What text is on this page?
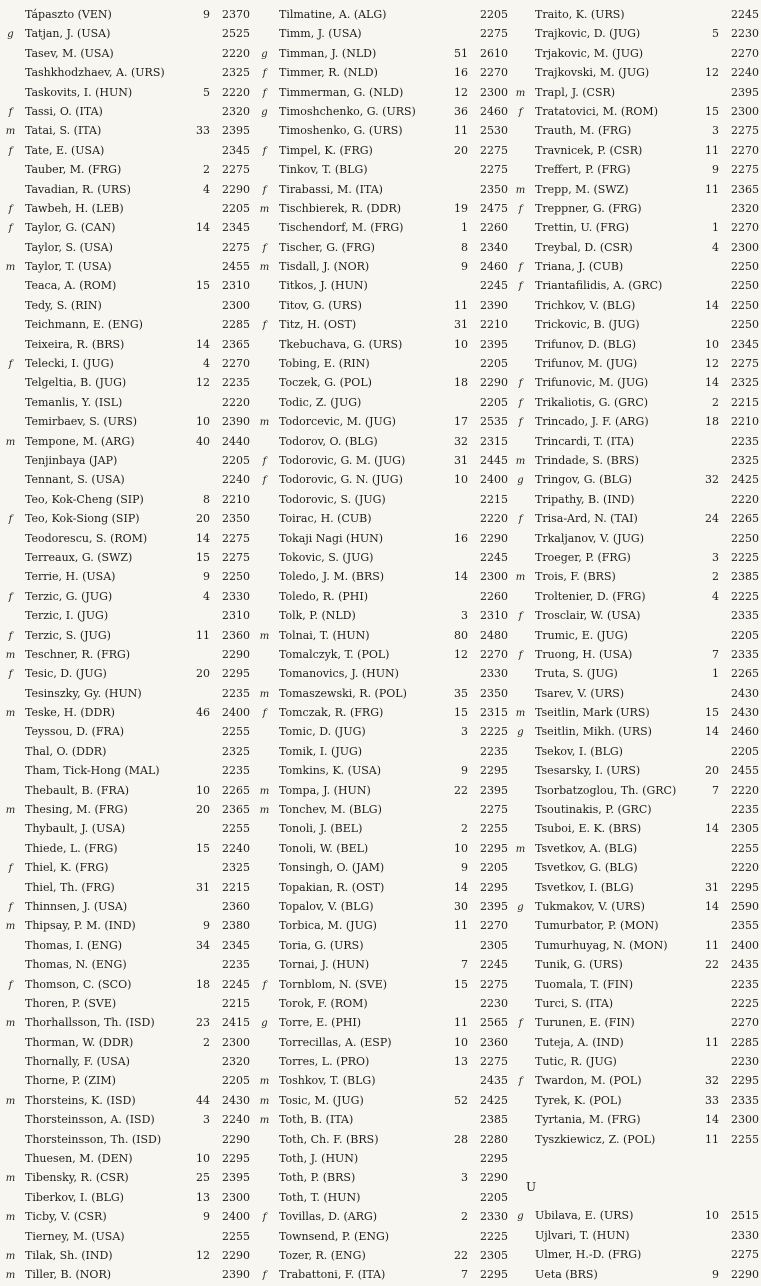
Tápaszto (VEN)	9	2370
g	Tatjan, J. (USA)	2525
Tasev, M. (USA)	2220
Tashkhodzhaev, A. (URS)	2325
Taskovits, I. (HUN)	5	2220
f	Tassi, O. (ITA)	2320
m Tatai, S. (ITA)	33	2395
f	Tate, E. (USA)	2345
Tauber, M. (FRG)	2	2275
Tavadian, R. (URS)	4	2290
f	Tawbeh, H. (LEB)	2205
f	Taylor, G. (CAN)	14	2345
Taylor, S. (USA)	2275
m Taylor, T. (USA)	2455
Teaca, A. (ROM)	15	2310
Tedy, S. (RIN)	2300
Teichmann, E. (ENG)	2285
Teixeira, R. (BRS)	14	2365
f	Telecki, I. (JUG)	4	2270
Telgeltia, B. (JUG)	12	2235
Temanlis, Y. (ISL)	2220
Temirbaev, S. (URS)	10	2390
m Tempone, M. (ARG)	40	2440
Tenjinbaya (JAP)	2205
Tennant, S. (USA)	2240
Teo, Kok-Cheng (SIP)	8	2210
f	Teo, Kok-Siong (SIP)	20	2350
Teodorescu, S. (ROM)	14	2275
Terreaux, G. (SWZ)	15	2275
Terrie, H. (USA)	9	2250
f	Terzic, G. (JUG)	4	2330
Terzic, I. (JUG)	2310
f	Terzic, S. (JUG)	11	2360
m Teschner, R. (FRG)	2290
f	Tesic, D. (JUG)	20	2295
Tesinszky, Gy. (HUN)	2235
m Teske, H. (DDR)	46	2400
Teyssou, D. (FRA)	2255
Thal, O. (DDR)	2325
Tham, Tick-Hong (MAL)	2235
Thebault, B. (FRA)	10	2265
m Thesing, M. (FRG)	20	2365
Thybault, J. (USA)	2255
Thiede, L. (FRG)	15	2240
f	Thiel, K. (FRG)	2325
Thiel, Th. (FRG)	31	2215
f	Thinnsen, J. (USA)	2360
m Thipsay, P. M. (IND)	9	2380
Thomas, I. (ENG)	34	2345
Thomas, N. (ENG)	2235
f	Thomson, C. (SCO)	18	2245
Thoren, P. (SVE)	2215
m Thorhallsson, Th. (ISD)	23	2415
Thorman, W. (DDR)	2	2300
Thornally, F. (USA)	2320
Thorne, P. (ZIM)	2205
m Thorsteins, K. (ISD)	44	2430
Thorsteinsson, A. (ISD)	3	2240
Thorsteinsson, Th. (ISD)	2290
Thuesen, M. (DEN)	10	2295
m Tibensky, R. (CSR)	25	2395
Tiberkov, I. (BLG)	13	2300
m Ticby, V. (CSR)	9	2400
Tierney, M. (USA)	2255
m Tilak, Sh. (IND)	12	2290
m Tiller, B. (NOR)	2390
Tilmatine, A. (ALG)	2205
Timm, J. (USA)	2275
g	Timman, J. (NLD)	51	2610
f	Timmer, R. (NLD)	16	2270
f	Timmerman, G. (NLD)	12	2300
g	Timoshchenko, G. (URS)	36	2460
Timoshenko, G. (URS)	11	2530
f	Timpel, K. (FRG)	20	2275
Tinkov, T. (BLG)	2275
f	Tirabassi, M. (ITA)	2350
m Tischbierek, R. (DDR)	19	2475
Tischendorf, M. (FRG)	1	2260
f	Tischer, G. (FRG)	8	2340
m Tisdall, J. (NOR)	9	2460
Titkos, J. (HUN)	2245
Titov, G. (URS)	11	2390
f	Titz, H. (OST)	31	2210
Tkebuchava, G. (URS)	10	2395
Tobing, E. (RIN)	2205
Toczek, G. (POL)	18	2290
Todic, Z. (JUG)	2205
m Todorcevic, M. (JUG)	17	2535
Todorov, O. (BLG)	32	2315
f	Todorovic, G. M. (JUG)	31	2445
f	Todorovic, G. N. (JUG)	10	2400
Todorovic, S. (JUG)	2215
Toirac, H. (CUB)	2220
Tokaji Nagi (HUN)	16	2290
Tokovic, S. (JUG)	2245
Toledo, J. M. (BRS)	14	2300
Toledo, R. (PHI)	2260
Tolk, P. (NLD)	3	2310
m Tolnai, T. (HUN)	80	2480
Tomalczyk, T. (POL)	12	2270
Tomanovics, J. (HUN)	2330
m Tomaszewski, R. (POL)	35	2350
f	Tomczak, R. (FRG)	15	2315
Tomic, D. (JUG)	3	2225
Tomik, I. (JUG)	2235
Tomkins, K. (USA)	9	2295
m Tompa, J. (HUN)	22	2395
m Tonchev, M. (BLG)	2275
Tonoli, J. (BEL)	2	2255
Tonoli, W. (BEL)	10	2295
Tonsingh, O. (JAM)	9	2205
Topakian, R. (OST)	14	2295
Topalov, V. (BLG)	30	2395
Torbica, M. (JUG)	11	2270
Toria, G. (URS)	2305
Tornai, J. (HUN)	7	2245
f	Tornblom, N. (SVE)	15	2275
Torok, F. (ROM)	2230
g	Torre, E. (PHI)	11	2565
Torrecillas, A. (ESP)	10	2360
Torres, L. (PRO)	13	2275
m Toshkov, T. (BLG)	2435
m Tosic, M. (JUG)	52	2425
m Toth, B. (ITA)	2385
Toth, Ch. F. (BRS)	28	2280
Toth, J. (HUN)	2295
Toth, P. (BRS)	3	2290
Toth, T. (HUN)	2205
f	Tovillas, D. (ARG)	2	2330
Townsend, P. (ENG)	2225
Tozer, R. (ENG)	22	2305
f	Trabattoni, F. (ITA)	7	2295
Traito, K. (URS)	2245
Trajkovic, D. (JUG)	5	2230
Trjakovic, M. (JUG)	2270
Trajkovski, M. (JUG)	12	2240
m Trapl, J. (CSR)	2395
f	Tratatovici, M. (ROM)	15	2300
Trauth, M. (FRG)	3	2275
Travnicek, P. (CSR)	11	2270
Treffert, P. (FRG)	9	2275
m Trepp, M. (SWZ)	11	2365
f	Treppner, G. (FRG)	2320
Trettin, U. (FRG)	1	2270
Treybal, D. (CSR)	4	2300
f	Triana, J. (CUB)	2250
f	Triantafilidis, A. (GRC)	2250
Trichkov, V. (BLG)	14	2250
Trickovic, B. (JUG)	2250
Trifunov, D. (BLG)	10	2345
Trifunov, M. (JUG)	12	2275
f	Trifunovic, M. (JUG)	14	2325
f	Trikaliotis, G. (GRC)	2	2215
f	Trincado, J. F. (ARG)	18	2210
Trincardi, T. (ITA)	2235
m Trindade, S. (BRS)	2325
g	Tringov, G. (BLG)	32	2425
Tripathy, B. (IND)	2220
f	Trisa-Ard, N. (TAI)	24	2265
Trkaljanov, V. (JUG)	2250
Troeger, P. (FRG)	3	2225
m Trois, F. (BRS)	2	2385
Troltenier, D. (FRG)	4	2225
f	Trosclair, W. (USA)	2335
Trumic, E. (JUG)	2205
f	Truong, H. (USA)	7	2335
Truta, S. (JUG)	1	2265
Tsarev, V. (URS)	2430
m Tseitlin, Mark (URS)	15	2430
g	Tseitlin, Mikh. (URS)	14	2460
Tsekov, I. (BLG)	2205
Tsesarsky, I. (URS)	20	2455
Tsorbatzoglou, Th. (GRC)	7	2220
Tsoutinakis, P. (GRC)	2235
Tsuboi, E. K. (BRS)	14	2305
m Tsvetkov, A. (BLG)	2255
Tsvetkov, G. (BLG)	2220
Tsvetkov, I. (BLG)	31	2295
g	Tukmakov, V. (URS)	14	2590
Tumurbator, P. (MON)	2355
Tumurhuyag, N. (MON)	11	2400
Tunik, G. (URS)	22	2435
Tuomala, T. (FIN)	2235
Turci, S. (ITA)	2225
f	Turunen, E. (FIN)	2270
Tuteja, A. (IND)	11	2285
Tutic, R. (JUG)	2230
f	Twardon, M. (POL)	32	2295
Tyrek, K. (POL)	33	2335
Tyrtania, M. (FRG)	14	2300
Tyszkiewicz, Z. (POL)	11	2255
U
g	Ubilava, E. (URS)	10	2515
Ujlvari, T. (HUN)	2330
Ulmer, H.-D. (FRG)	2275
Ueta (BRS)	9	2290
